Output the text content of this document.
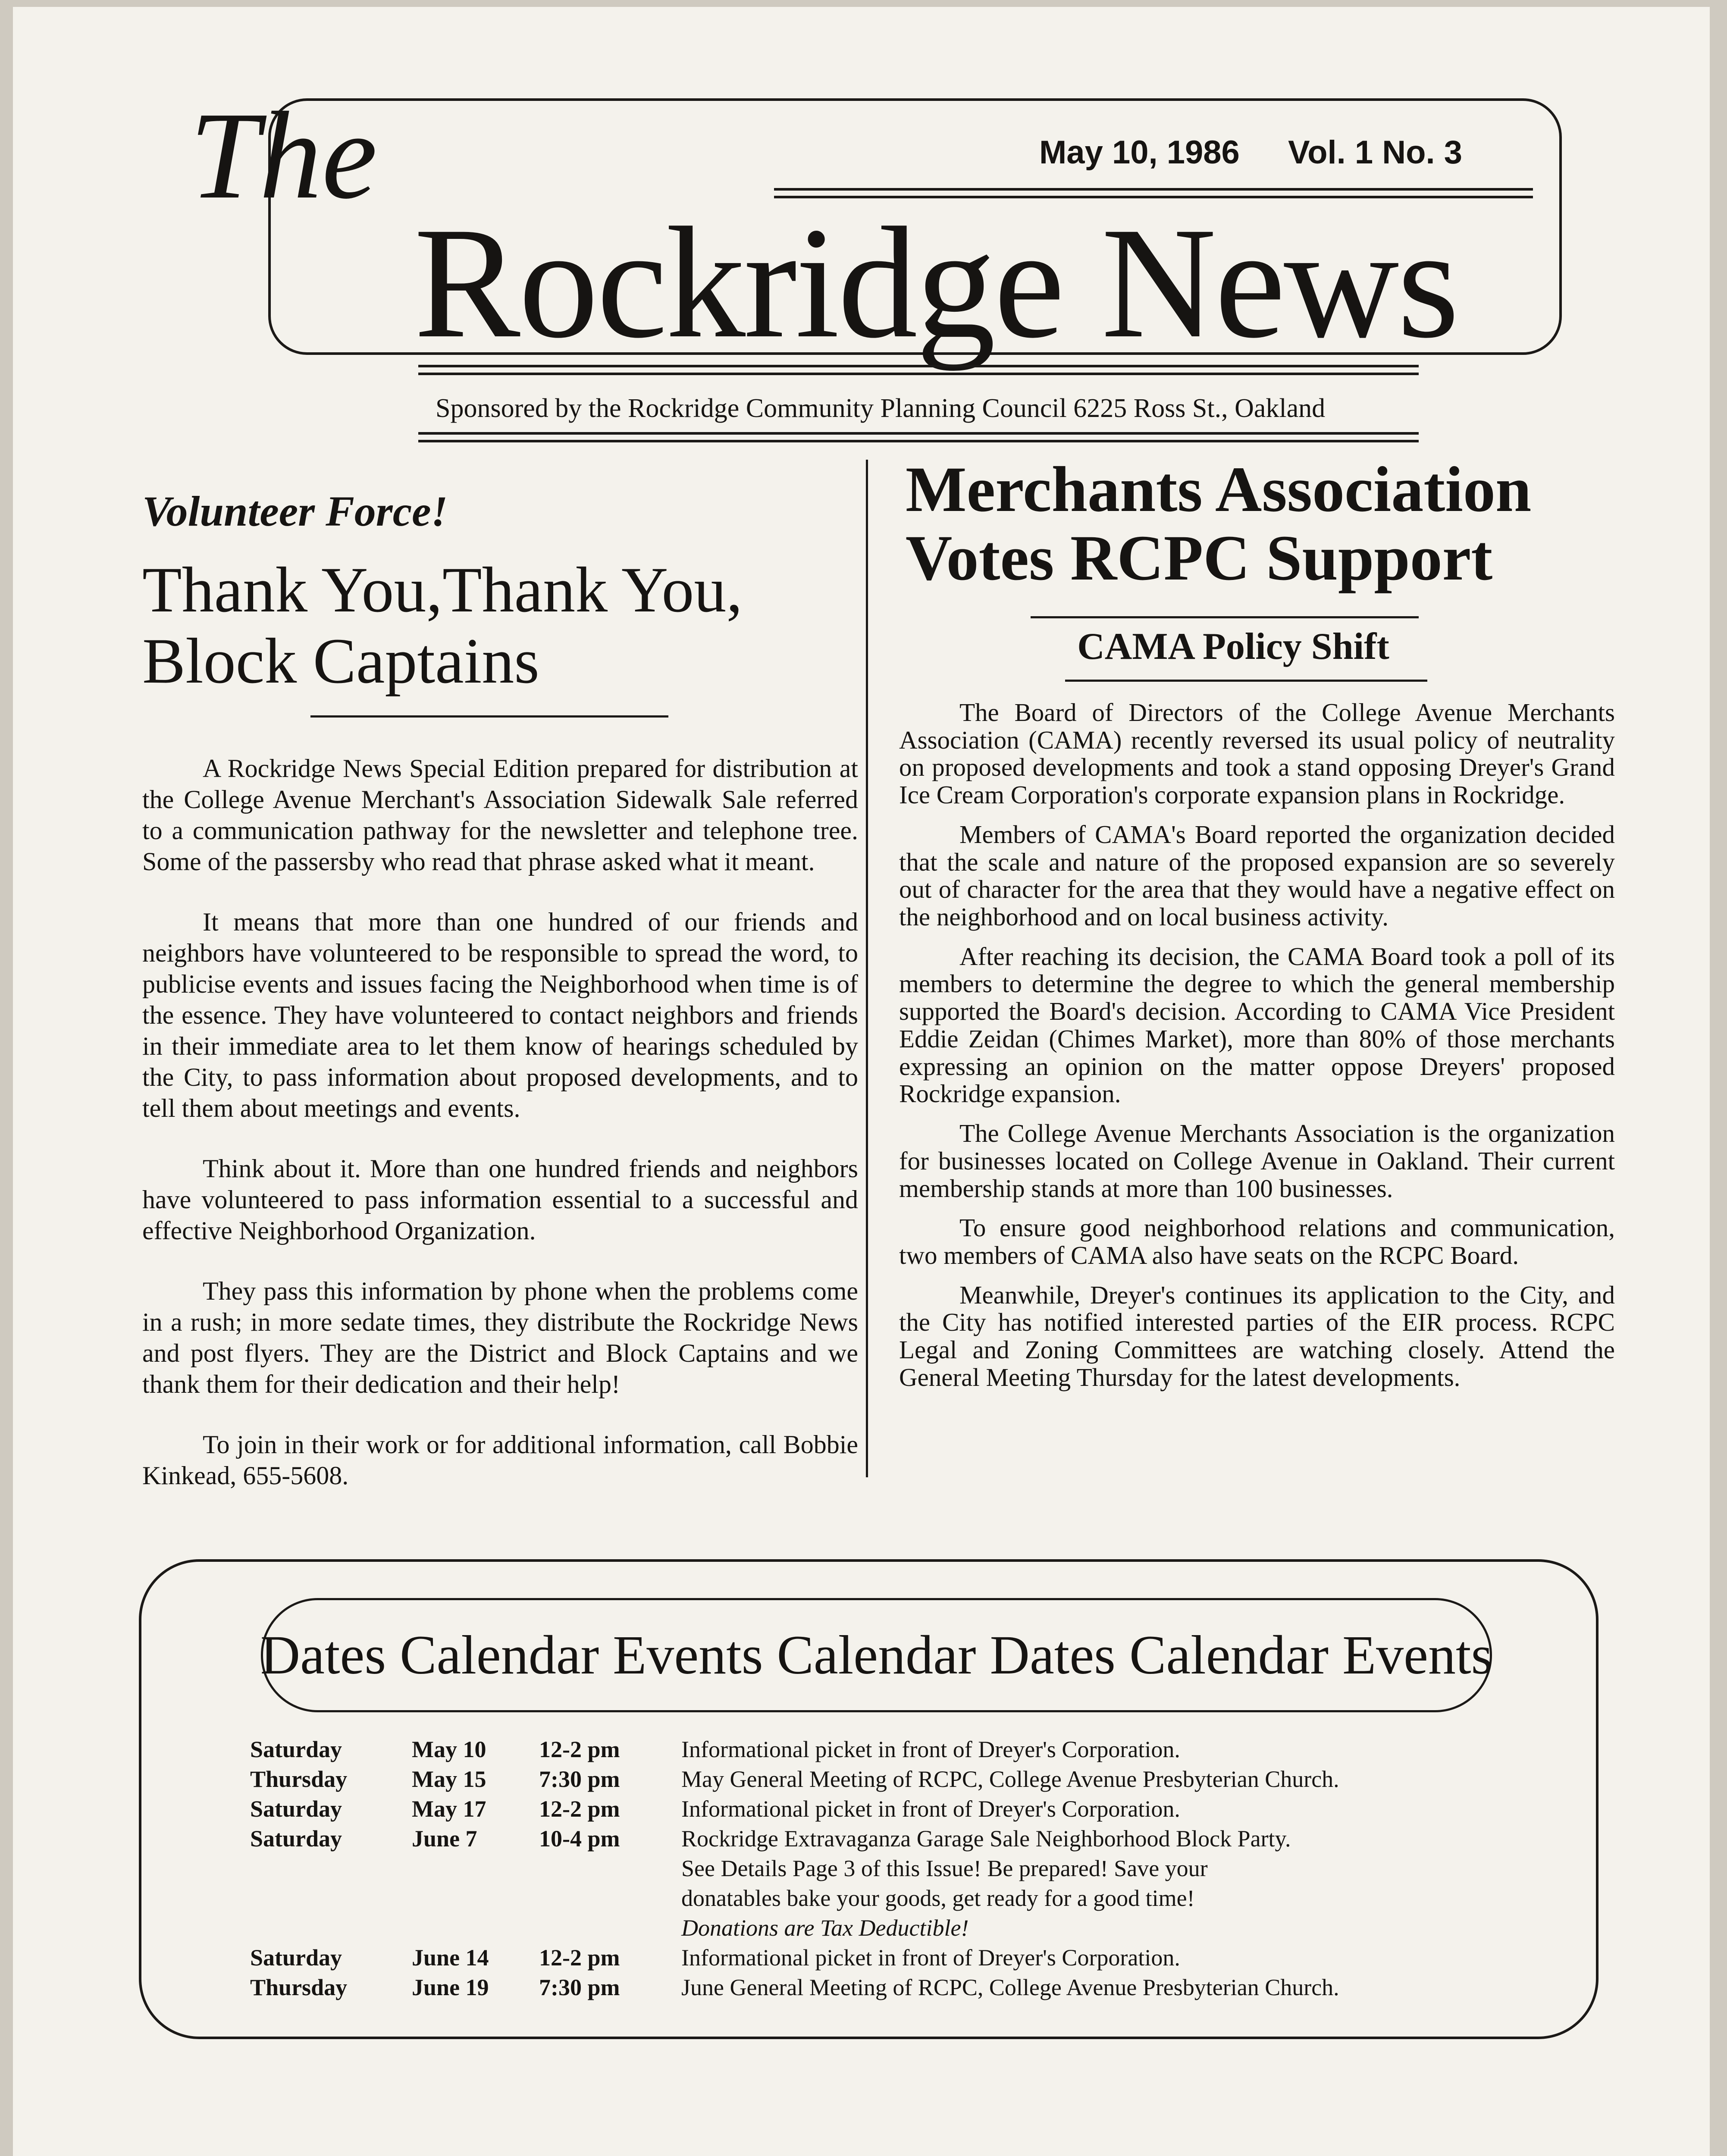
The	May 10, 1986 Vol. 1 No. 3
Rockridge News
Sponsored by the Rockridge Community Planning Council 6225 Ross St., Oakland
Volunteer Force!
Thank You,Thank You, Block Captains

A Rockridge News Special Edition prepared for distribution at the College Avenue Merchant's Association Sidewalk Sale referred to a communication pathway for the newsletter and telephone tree. Some of the passersby who read that phrase asked what it meant.

It means that more than one hundred of our friends and neighbors have volunteered to be responsible to spread the word, to publicise events and issues facing the Neighborhood when time is of the essence. They have volunteered to contact neighbors and friends in their immediate area to let them know of hearings scheduled by the City, to pass information about proposed developments, and to tell them about meetings and events.

Think about it. More than one hundred friends and neighbors have volunteered to pass information essential to a successful and effective Neighborhood Organization.

They pass this information by phone when the problems come in a rush; in more sedate times, they distribute the Rockridge News and post flyers. They are the District and Block Captains and we thank them for their dedication and their help!

To join in their work or for additional information, call Bobbie Kinkead, 655-5608.

Merchants Association Votes RCPC Support
CAMA Policy Shift

The Board of Directors of the College Avenue Merchants Association (CAMA) recently reversed its usual policy of neutrality on proposed developments and took a stand opposing Dreyer's Grand Ice Cream Corporation's corporate expansion plans in Rockridge.

Members of CAMA's Board reported the organization decided that the scale and nature of the proposed expansion are so severely out of character for the area that they would have a negative effect on the neighborhood and on local business activity.

After reaching its decision, the CAMA Board took a poll of its members to determine the degree to which the general membership supported the Board's decision. According to CAMA Vice President Eddie Zeidan (Chimes Market), more than 80% of those merchants expressing an opinion on the matter oppose Dreyers' proposed Rockridge expansion.

The College Avenue Merchants Association is the organization for businesses located on College Avenue in Oakland. Their current membership stands at more than 100 businesses.

To ensure good neighborhood relations and communication, two members of CAMA also have seats on the RCPC Board.

Meanwhile, Dreyer's continues its application to the City, and the City has notified interested parties of the EIR process. RCPC Legal and Zoning Committees are watching closely. Attend the General Meeting Thursday for the latest developments.

Dates Calendar Events Calendar Dates Calendar Events
Saturday	May 10	12-2 pm	Informational picket in front of Dreyer's Corporation.
Thursday	May 15	7:30 pm	May General Meeting of RCPC, College Avenue Presbyterian Church.
Saturday	May 17	12-2 pm	Informational picket in front of Dreyer's Corporation.
Saturday	June 7	10-4 pm	Rockridge Extravaganza Garage Sale Neighborhood Block Party.
			See Details Page 3 of this Issue! Be prepared! Save your
			donatables bake your goods, get ready for a good time!
			Donations are Tax Deductible!
Saturday	June 14	12-2 pm	Informational picket in front of Dreyer's Corporation.
Thursday	June 19	7:30 pm	June General Meeting of RCPC, College Avenue Presbyterian Church.
